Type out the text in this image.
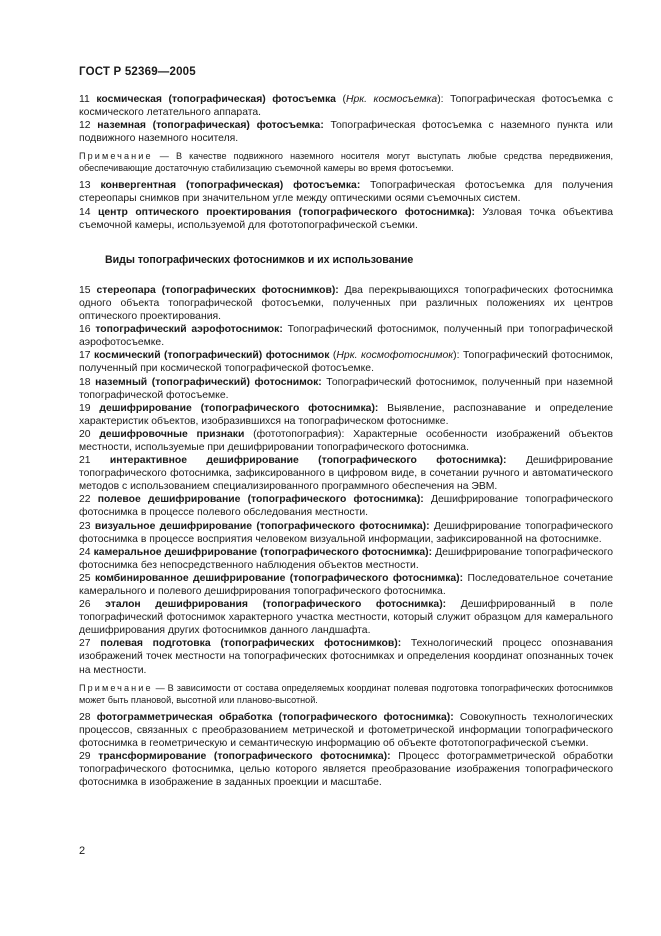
ГОСТ Р 52369—2005

11 космическая (топографическая) фотосъемка (Нрк. космосъемка): Топографическая фотосъемка с космического летательного аппарата.

12 наземная (топографическая) фотосъемка: Топографическая фотосъемка с наземного пункта или подвижного наземного носителя.

Примечание — В качестве подвижного наземного носителя могут выступать любые средства передвижения, обеспечивающие достаточную стабилизацию съемочной камеры во время фотосъемки.

13 конвергентная (топографическая) фотосъемка: Топографическая фотосъемка для получения стереопары снимков при значительном угле между оптическими осями съемочных систем.

14 центр оптического проектирования (топографического фотоснимка): Узловая точка объектива съемочной камеры, используемой для фототопографической съемки.

Виды топографических фотоснимков и их использование

15 стереопара (топографических фотоснимков): Два перекрывающихся топографических фотоснимка одного объекта топографической фотосъемки, полученных при различных положениях их центров оптического проектирования.

16 топографический аэрофотоснимок: Топографический фотоснимок, полученный при топографической аэрофотосъемке.

17 космический (топографический) фотоснимок (Нрк. космофотоснимок): Топографический фотоснимок, полученный при космической топографической фотосъемке.

18 наземный (топографический) фотоснимок: Топографический фотоснимок, полученный при наземной топографической фотосъемке.

19 дешифрирование (топографического фотоснимка): Выявление, распознавание и определение характеристик объектов, изобразившихся на топографическом фотоснимке.

20 дешифровочные признаки (фототопография): Характерные особенности изображений объектов местности, используемые при дешифрировании топографического фотоснимка.

21 интерактивное дешифрирование (топографического фотоснимка): Дешифрирование топографического фотоснимка, зафиксированного в цифровом виде, в сочетании ручного и автоматического методов с использованием специализированного программного обеспечения на ЭВМ.

22 полевое дешифрирование (топографического фотоснимка): Дешифрирование топографического фотоснимка в процессе полевого обследования местности.

23 визуальное дешифрирование (топографического фотоснимка): Дешифрирование топографического фотоснимка в процессе восприятия человеком визуальной информации, зафиксированной на фотоснимке.

24 камеральное дешифрирование (топографического фотоснимка): Дешифрирование топографического фотоснимка без непосредственного наблюдения объектов местности.

25 комбинированное дешифрирование (топографического фотоснимка): Последовательное сочетание камерального и полевого дешифрирования топографического фотоснимка.

26 эталон дешифрирования (топографического фотоснимка): Дешифрированный в поле топографический фотоснимок характерного участка местности, который служит образцом для камерального дешифрирования других фотоснимков данного ландшафта.

27 полевая подготовка (топографических фотоснимков): Технологический процесс опознавания изображений точек местности на топографических фотоснимках и определения координат опознанных точек на местности.

Примечание — В зависимости от состава определяемых координат полевая подготовка топографических фотоснимков может быть плановой, высотной или планово-высотной.

28 фотограмметрическая обработка (топографического фотоснимка): Совокупность технологических процессов, связанных с преобразованием метрической и фотометрической информации топографического фотоснимка в геометрическую и семантическую информацию об объекте фототопографической съемки.

29 трансформирование (топографического фотоснимка): Процесс фотограмметрической обработки топографического фотоснимка, целью которого является преобразование изображения топографического фотоснимка в изображение в заданных проекции и масштабе.

2
